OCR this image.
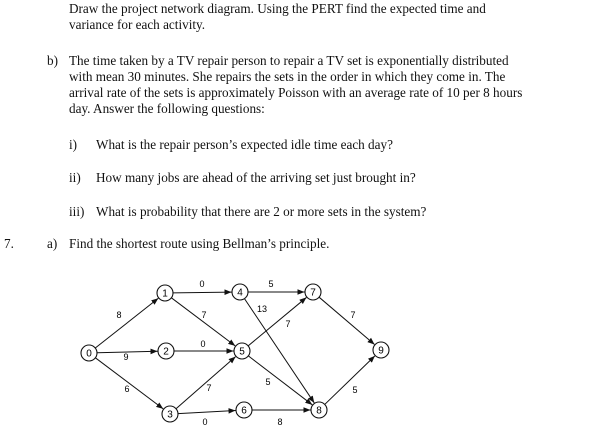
Draw the project network diagram. Using the PERT find the expected time and
variance for each activity.
b) The time taken by a TV repair person to repair a TV set is exponentially distributed
with mean 30 minutes. She repairs the sets in the order in which they come in. The
arrival rate of the sets is approximately Poisson with an average rate of 10 per 8 hours
day. Answer the following questions:
i) What is the repair person’s expected idle time each day?
ii) How many jobs are ahead of the arriving set just brought in?
iii) What is probability that there are 2 or more sets in the system?
7.	a) Find the shortest route using Bellman’s principle.
8
9
6
0
7
0
7
0
5
13
7
5
8
7
5
0
1
2
3
4
5
6
7
8
9
